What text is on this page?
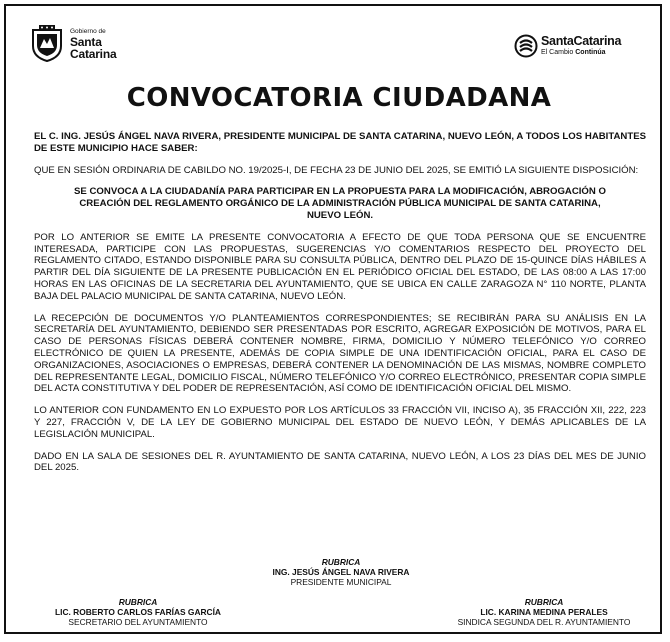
Gobierno de
Santa
Catarina
SantaCatarina
El Cambio Continúa
CONVOCATORIA CIUDADANA

EL C. ING. JESÚS ÁNGEL NAVA RIVERA, PRESIDENTE MUNICIPAL DE SANTA CATARINA, NUEVO LEÓN, A TODOS LOS HABITANTES DE ESTE MUNICIPIO HACE SABER:

QUE EN SESIÓN ORDINARIA DE CABILDO NO. 19/2025-I, DE FECHA 23 DE JUNIO DEL 2025, SE EMITIÓ LA SIGUIENTE DISPOSICIÓN:

SE CONVOCA A LA CIUDADANÍA PARA PARTICIPAR EN LA PROPUESTA PARA LA MODIFICACIÓN, ABROGACIÓN O CREACIÓN DEL REGLAMENTO ORGÁNICO DE LA ADMINISTRACIÓN PÚBLICA MUNICIPAL DE SANTA CATARINA, NUEVO LEÓN.

POR LO ANTERIOR SE EMITE LA PRESENTE CONVOCATORIA A EFECTO DE QUE TODA PERSONA QUE SE ENCUENTRE INTERESADA, PARTICIPE CON LAS PROPUESTAS, SUGERENCIAS Y/O COMENTARIOS RESPECTO DEL PROYECTO DEL REGLAMENTO CITADO, ESTANDO DISPONIBLE PARA SU CONSULTA PÚBLICA, DENTRO DEL PLAZO DE 15-QUINCE DÍAS HÁBILES A PARTIR DEL DÍA SIGUIENTE DE LA PRESENTE PUBLICACIÓN EN EL PERIÓDICO OFICIAL DEL ESTADO, DE LAS 08:00 A LAS 17:00 HORAS EN LAS OFICINAS DE LA SECRETARIA DEL AYUNTAMIENTO, QUE SE UBICA EN CALLE ZARAGOZA N° 110 NORTE, PLANTA BAJA DEL PALACIO MUNICIPAL DE SANTA CATARINA, NUEVO LEÓN.

LA RECEPCIÓN DE DOCUMENTOS Y/O PLANTEAMIENTOS CORRESPONDIENTES; SE RECIBIRÁN PARA SU ANÁLISIS EN LA SECRETARÍA DEL AYUNTAMIENTO, DEBIENDO SER PRESENTADAS POR ESCRITO, AGREGAR EXPOSICIÓN DE MOTIVOS, PARA EL CASO DE PERSONAS FÍSICAS DEBERÁ CONTENER NOMBRE, FIRMA, DOMICILIO Y NÚMERO TELEFÓNICO Y/O CORREO ELECTRÓNICO DE QUIEN LA PRESENTE, ADEMÁS DE COPIA SIMPLE DE UNA IDENTIFICACIÓN OFICIAL, PARA EL CASO DE ORGANIZACIONES, ASOCIACIONES O EMPRESAS, DEBERÁ CONTENER LA DENOMINACIÓN DE LAS MISMAS, NOMBRE COMPLETO DEL REPRESENTANTE LEGAL, DOMICILIO FISCAL, NÚMERO TELEFÓNICO Y/O CORREO ELECTRÓNICO, PRESENTAR COPIA SIMPLE DEL ACTA CONSTITUTIVA Y DEL PODER DE REPRESENTACIÓN, ASÍ COMO DE IDENTIFICACIÓN OFICIAL DEL MISMO.

LO ANTERIOR CON FUNDAMENTO EN LO EXPUESTO POR LOS ARTÍCULOS 33 FRACCIÓN VII, INCISO A), 35 FRACCIÓN XII, 222, 223 Y 227, FRACCIÓN V, DE LA LEY DE GOBIERNO MUNICIPAL DEL ESTADO DE NUEVO LEÓN, Y DEMÁS APLICABLES DE LA LEGISLACIÓN MUNICIPAL.

DADO EN LA SALA DE SESIONES DEL R. AYUNTAMIENTO DE SANTA CATARINA, NUEVO LEÓN, A LOS 23 DÍAS DEL MES DE JUNIO DEL 2025.

RUBRICA
ING. JESÚS ÁNGEL NAVA RIVERA
PRESIDENTE MUNICIPAL
RUBRICA
LIC. ROBERTO CARLOS FARÍAS GARCÍA
SECRETARIO DEL AYUNTAMIENTO
RUBRICA
LIC. KARINA MEDINA PERALES
SINDICA SEGUNDA DEL R. AYUNTAMIENTO
